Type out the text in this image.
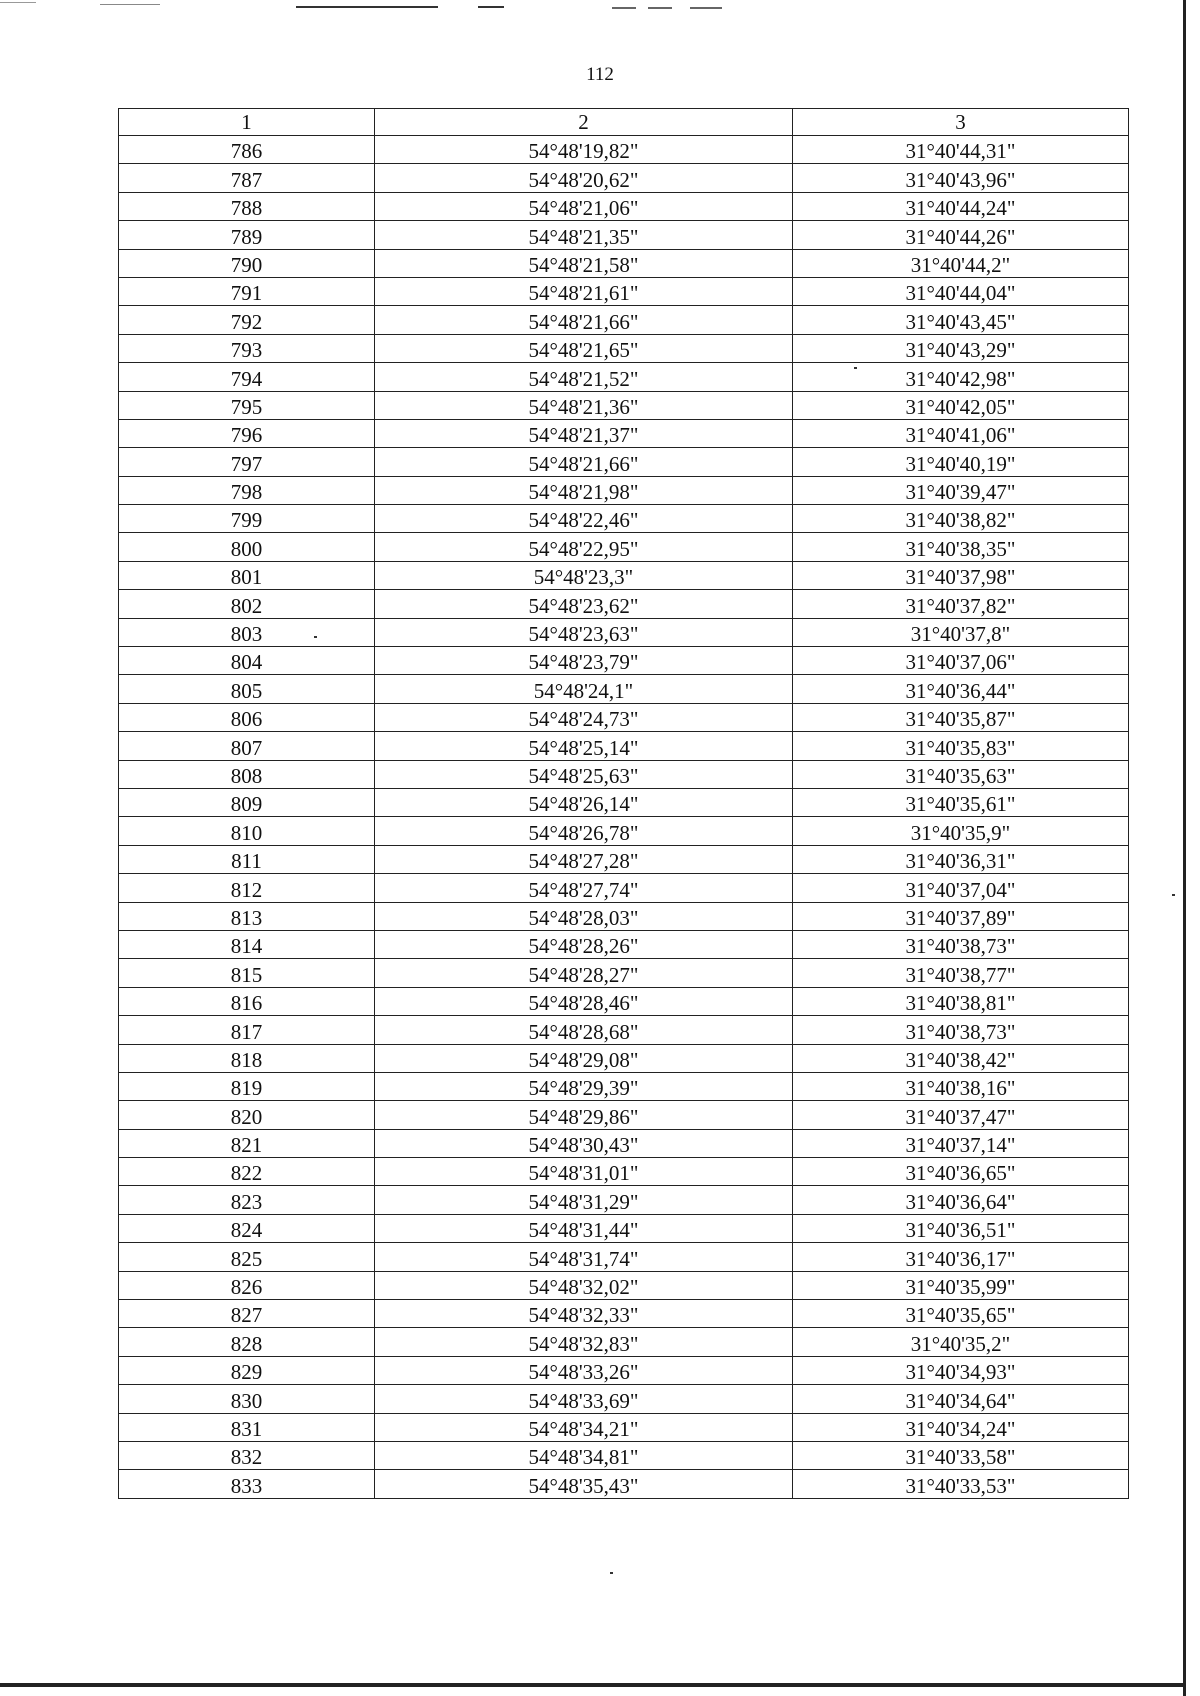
112
1	2	3
786	54°48'19,82"	31°40'44,31"
787	54°48'20,62"	31°40'43,96"
788	54°48'21,06"	31°40'44,24"
789	54°48'21,35"	31°40'44,26"
790	54°48'21,58"	31°40'44,2"
791	54°48'21,61"	31°40'44,04"
792	54°48'21,66"	31°40'43,45"
793	54°48'21,65"	31°40'43,29"
794	54°48'21,52"	31°40'42,98"
795	54°48'21,36"	31°40'42,05"
796	54°48'21,37"	31°40'41,06"
797	54°48'21,66"	31°40'40,19"
798	54°48'21,98"	31°40'39,47"
799	54°48'22,46"	31°40'38,82"
800	54°48'22,95"	31°40'38,35"
801	54°48'23,3"	31°40'37,98"
802	54°48'23,62"	31°40'37,82"
803	54°48'23,63"	31°40'37,8"
804	54°48'23,79"	31°40'37,06"
805	54°48'24,1"	31°40'36,44"
806	54°48'24,73"	31°40'35,87"
807	54°48'25,14"	31°40'35,83"
808	54°48'25,63"	31°40'35,63"
809	54°48'26,14"	31°40'35,61"
810	54°48'26,78"	31°40'35,9"
811	54°48'27,28"	31°40'36,31"
812	54°48'27,74"	31°40'37,04"
813	54°48'28,03"	31°40'37,89"
814	54°48'28,26"	31°40'38,73"
815	54°48'28,27"	31°40'38,77"
816	54°48'28,46"	31°40'38,81"
817	54°48'28,68"	31°40'38,73"
818	54°48'29,08"	31°40'38,42"
819	54°48'29,39"	31°40'38,16"
820	54°48'29,86"	31°40'37,47"
821	54°48'30,43"	31°40'37,14"
822	54°48'31,01"	31°40'36,65"
823	54°48'31,29"	31°40'36,64"
824	54°48'31,44"	31°40'36,51"
825	54°48'31,74"	31°40'36,17"
826	54°48'32,02"	31°40'35,99"
827	54°48'32,33"	31°40'35,65"
828	54°48'32,83"	31°40'35,2"
829	54°48'33,26"	31°40'34,93"
830	54°48'33,69"	31°40'34,64"
831	54°48'34,21"	31°40'34,24"
832	54°48'34,81"	31°40'33,58"
833	54°48'35,43"	31°40'33,53"
